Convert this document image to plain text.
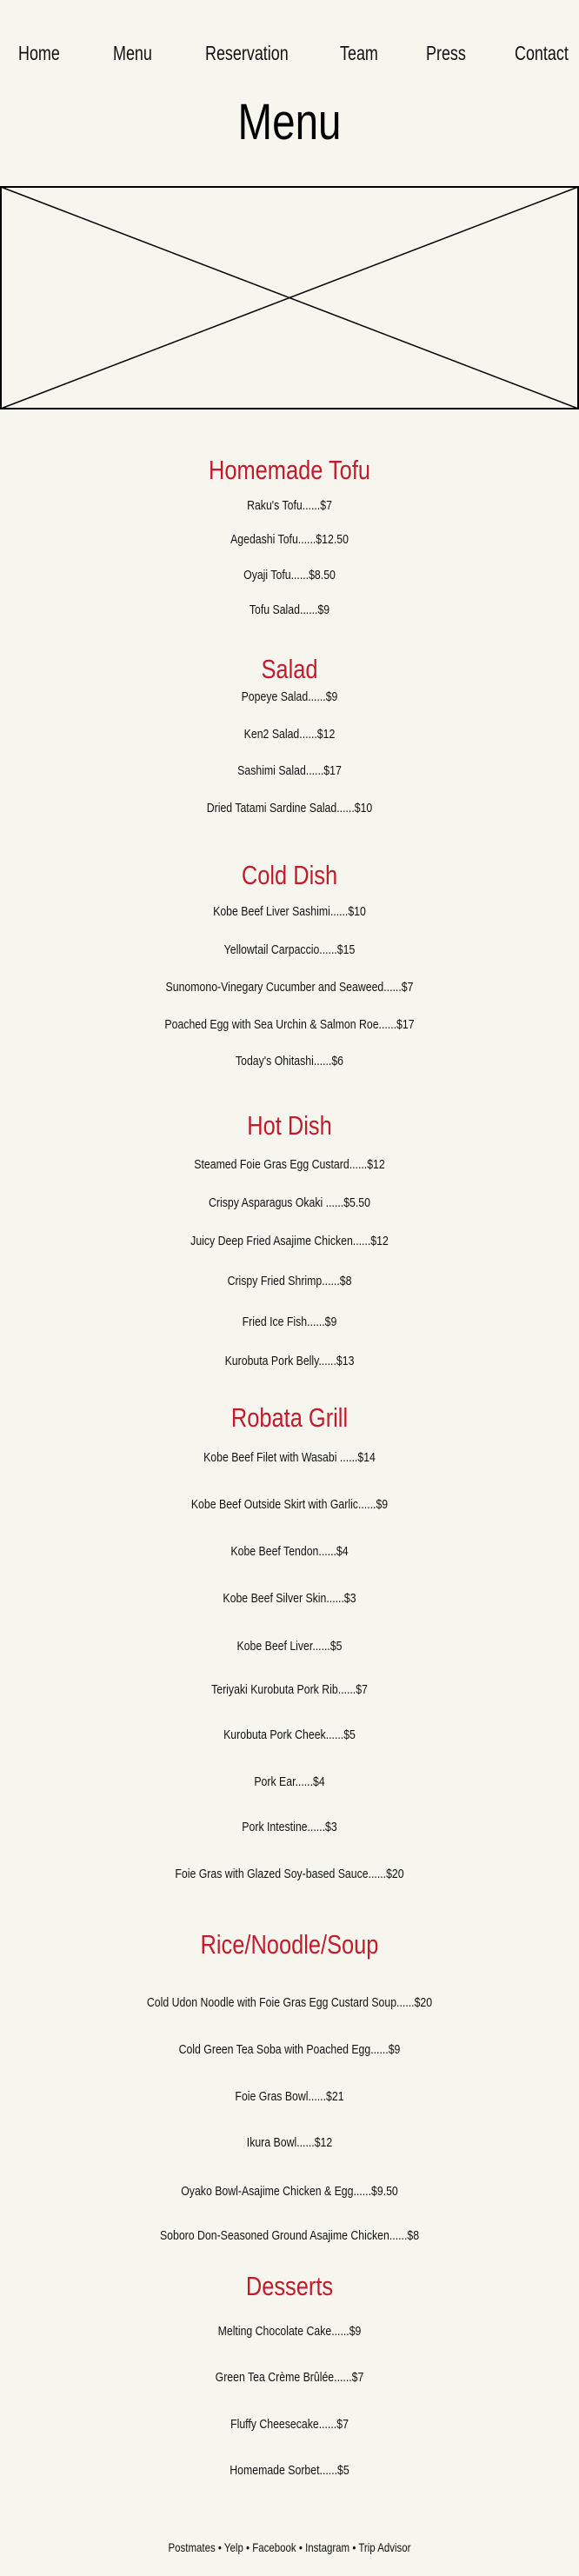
Home	Menu	Reservation	Team Press Contact
Menu
Homemade Tofu
Raku's Tofu......$7
Agedashi Tofu......$12.50
Oyaji Tofu......$8.50
Tofu Salad......$9
Salad
Popeye Salad......$9
Ken2 Salad......$12
Sashimi Salad......$17
Dried Tatami Sardine Salad......$10
Cold Dish
Kobe Beef Liver Sashimi......$10
Yellowtail Carpaccio......$15
Sunomono-Vinegary Cucumber and Seaweed......$7
Poached Egg with Sea Urchin & Salmon Roe......$17
Today's Ohitashi......$6
Hot Dish
Steamed Foie Gras Egg Custard......$12
Crispy Asparagus Okaki ......$5.50
Juicy Deep Fried Asajime Chicken......$12
Crispy Fried Shrimp......$8
Fried Ice Fish......$9
Kurobuta Pork Belly......$13
Robata Grill
Kobe Beef Filet with Wasabi ......$14
Kobe Beef Outside Skirt with Garlic......$9
Kobe Beef Tendon......$4
Kobe Beef Silver Skin......$3
Kobe Beef Liver......$5
Teriyaki Kurobuta Pork Rib......$7
Kurobuta Pork Cheek......$5
Pork Ear......$4
Pork Intestine......$3
Foie Gras with Glazed Soy-based Sauce......$20
Rice/Noodle/Soup
Cold Udon Noodle with Foie Gras Egg Custard Soup......$20
Cold Green Tea Soba with Poached Egg......$9
Foie Gras Bowl......$21
Ikura Bowl......$12
Oyako Bowl-Asajime Chicken & Egg......$9.50
Soboro Don-Seasoned Ground Asajime Chicken......$8
Desserts
Melting Chocolate Cake......$9
Green Tea Crème Brûlée......$7
Fluffy Cheesecake......$7
Homemade Sorbet......$5
Postmates • Yelp • Facebook • Instagram • Trip Advisor
